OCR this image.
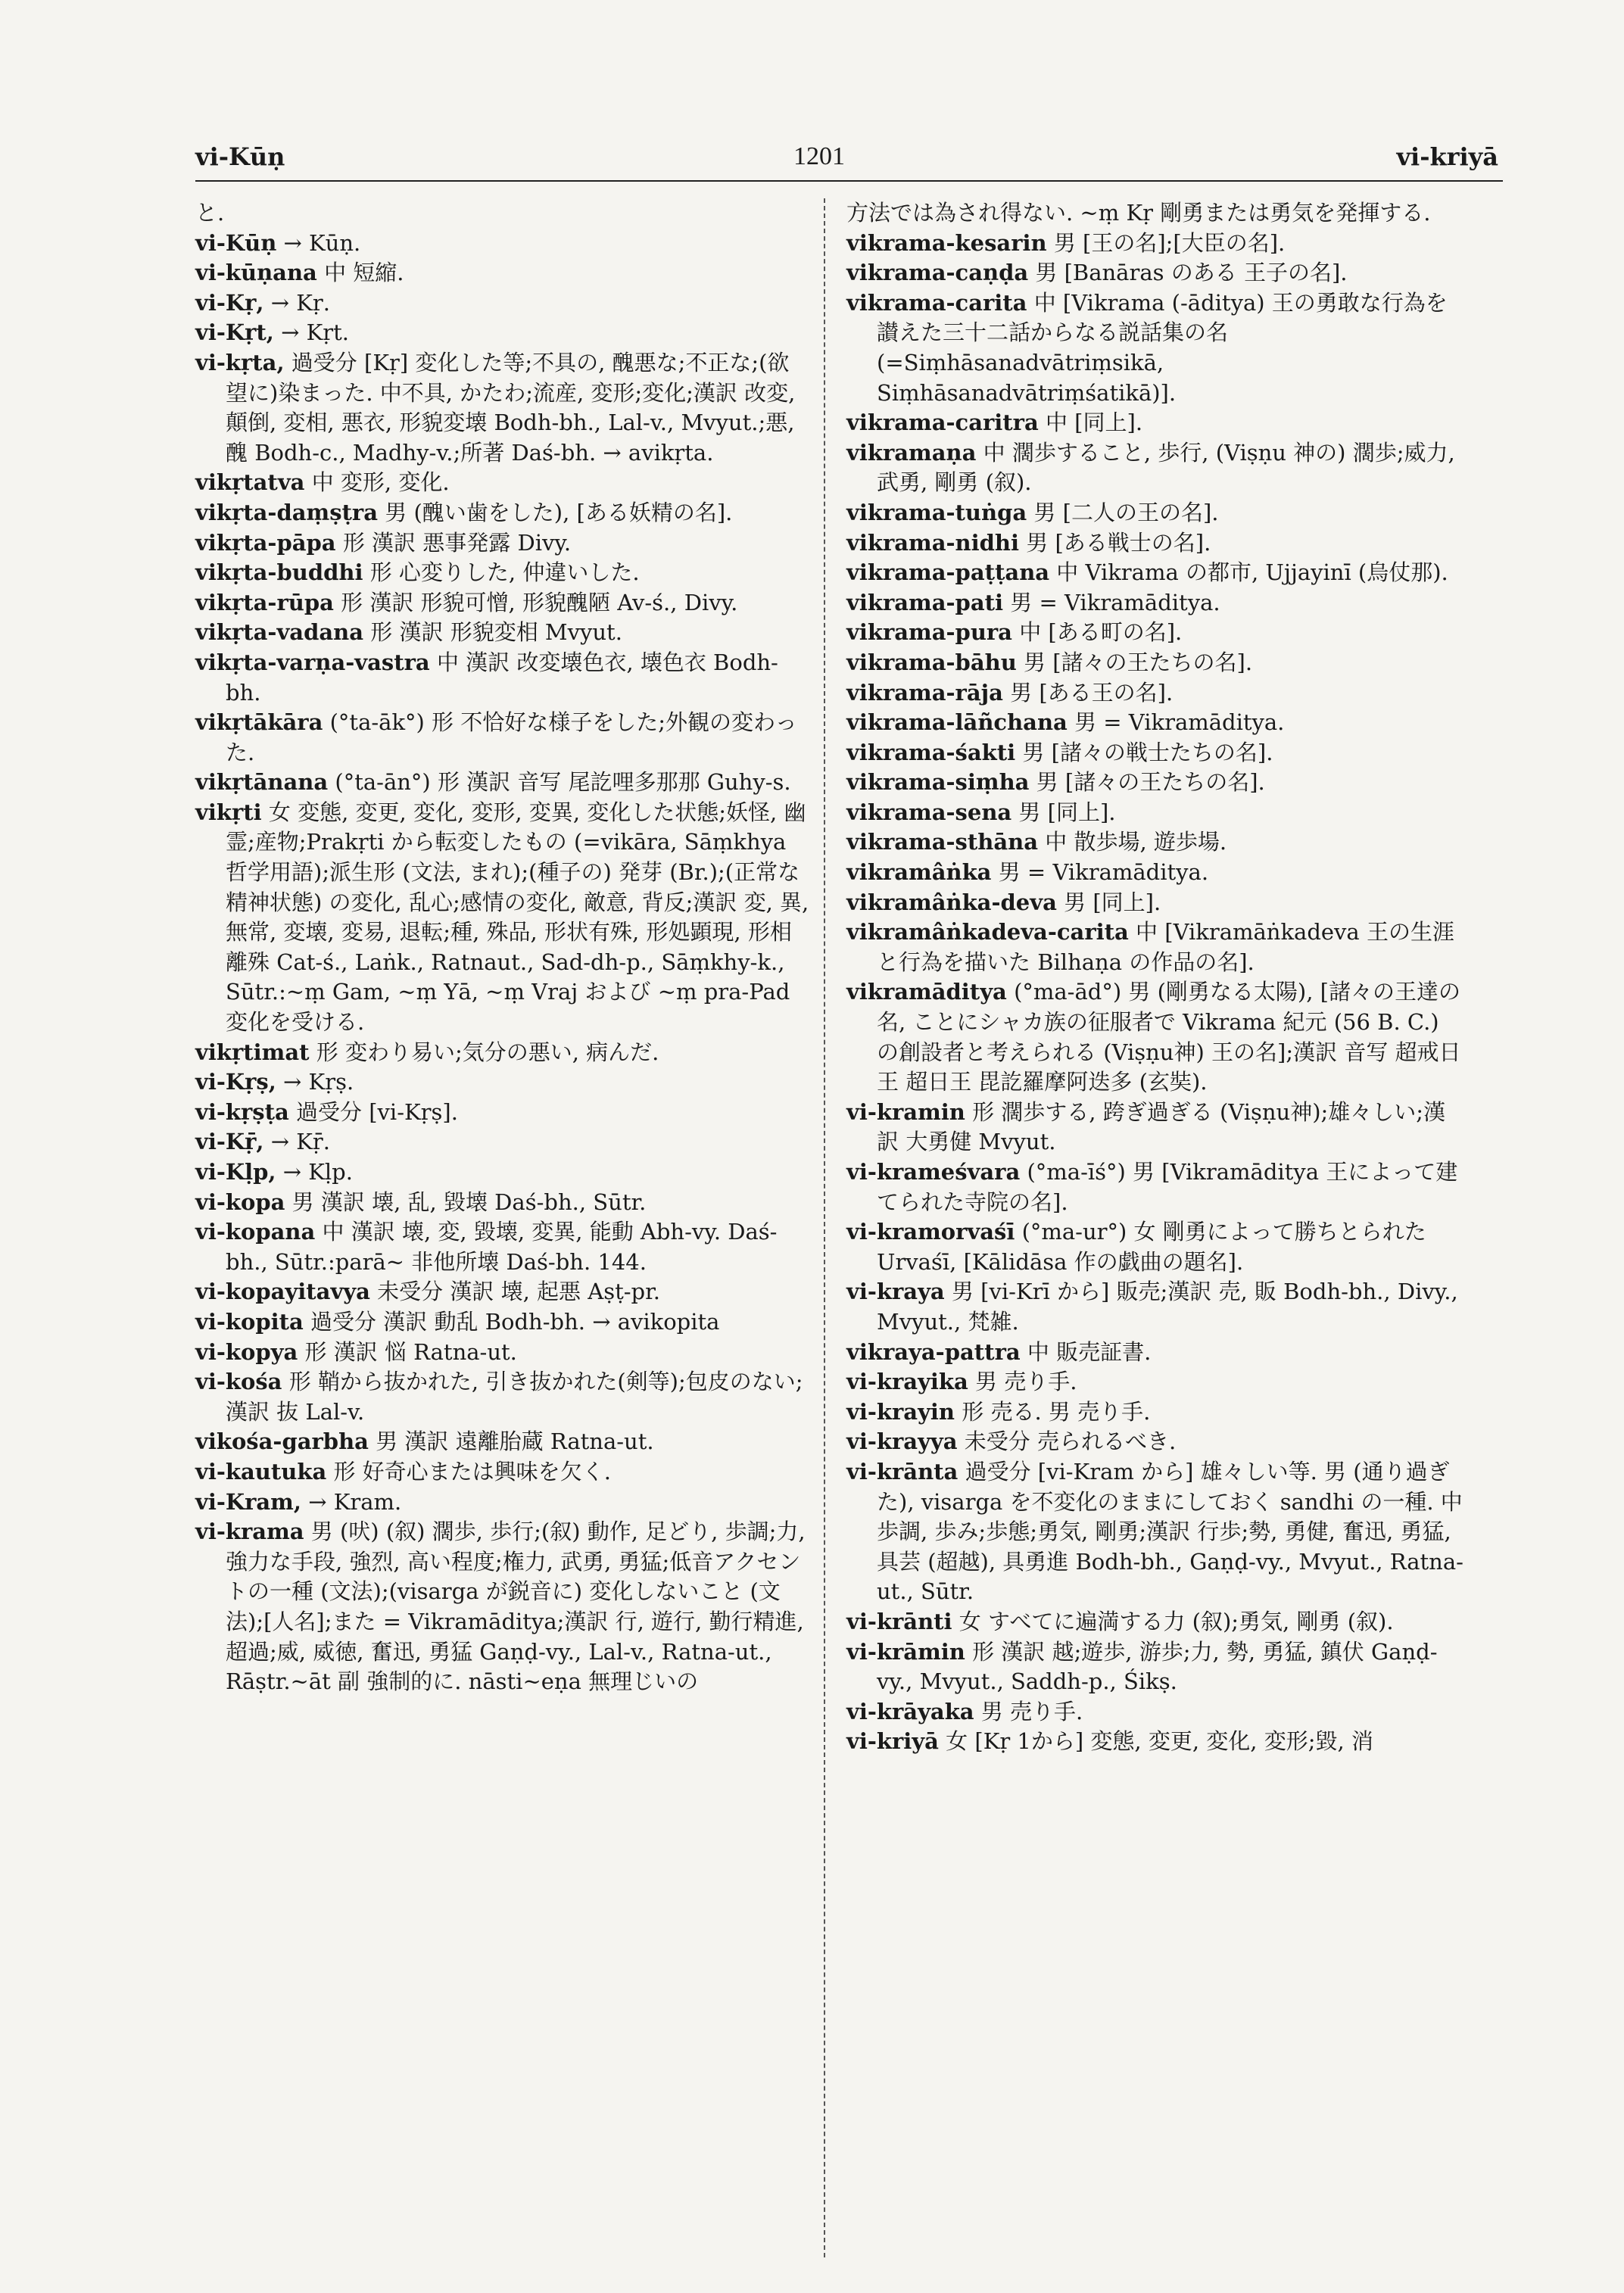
vi-Kūṇ	1201	vi-kriyā

と.

vi-Kūṇ → Kūṇ.

vi-kūṇana 中 短縮.

vi-Kṛ, → Kṛ.

vi-Kṛt, → Kṛt.

vi-kṛta, 過受分 [Kṛ] 変化した等;不具の, 醜悪な;不正な;(欲望に)染まった. 中不具, かたわ;流産, 変形;変化;漢訳 改変, 顛倒, 変相, 悪衣, 形貌変壊 Bodh-bh., Lal-v., Mvyut.;悪, 醜 Bodh-c., Madhy-v.;所著 Daś-bh. → avikṛta.

vikṛtatva 中 変形, 変化.

vikṛta-daṃṣṭra 男 (醜い歯をした), [ある妖精の名].

vikṛta-pāpa 形 漢訳 悪事発露 Divy.

vikṛta-buddhi 形 心変りした, 仲違いした.

vikṛta-rūpa 形 漢訳 形貌可憎, 形貌醜陋 Av-ś., Divy.

vikṛta-vadana 形 漢訳 形貌変相 Mvyut.

vikṛta-varṇa-vastra 中 漢訳 改変壊色衣, 壊色衣 Bodh-bh.

vikṛtākāra (°ta-āk°) 形 不恰好な様子をした;外観の変わった.

vikṛtānana (°ta-ān°) 形 漢訳 音写 尾訖哩多那那 Guhy-s.

vikṛti 女 変態, 変更, 変化, 変形, 変異, 変化した状態;妖怪, 幽霊;産物;Prakṛti から転変したもの (=vikāra, Sāṃkhya 哲学用語);派生形 (文法, まれ);(種子の) 発芽 (Br.);(正常な精神状態) の変化, 乱心;感情の変化, 敵意, 背反;漢訳 変, 異, 無常, 変壊, 変易, 退転;種, 殊品, 形状有殊, 形処顕現, 形相離殊 Cat-ś., Laṅk., Ratnaut., Sad-dh-p., Sāṃkhy-k., Sūtr.:~ṃ Gam, ~ṃ Yā, ~ṃ Vraj および ~ṃ pra-Pad 変化を受ける.

vikṛtimat 形 変わり易い;気分の悪い, 病んだ.

vi-Kṛṣ, → Kṛṣ.

vi-kṛṣṭa 過受分 [vi-Kṛṣ].

vi-Kṝ, → Kṝ.

vi-Kḷp, → Kḷp.

vi-kopa 男 漢訳 壊, 乱, 毀壊 Daś-bh., Sūtr.

vi-kopana 中 漢訳 壊, 変, 毀壊, 変異, 能動 Abh-vy. Daś-bh., Sūtr.:parā~ 非他所壊 Daś-bh. 144.

vi-kopayitavya 未受分 漢訳 壊, 起悪 Aṣṭ-pr.

vi-kopita 過受分 漢訳 動乱 Bodh-bh. → avikopita

vi-kopya 形 漢訳 悩 Ratna-ut.

vi-kośa 形 鞘から抜かれた, 引き抜かれた(剣等);包皮のない;漢訳 抜 Lal-v.

vikośa-garbha 男 漢訳 遠離胎蔵 Ratna-ut.

vi-kautuka 形 好奇心または興味を欠く.

vi-Kram, → Kram.

vi-krama 男 (吠) (叙) 濶歩, 歩行;(叙) 動作, 足どり, 歩調;力, 強力な手段, 強烈, 高い程度;権力, 武勇, 勇猛;低音アクセントの一種 (文法);(visarga が鋭音に) 変化しないこと (文法);[人名];また = Vikramāditya;漢訳 行, 遊行, 勤行精進, 超過;威, 威徳, 奮迅, 勇猛 Gaṇḍ-vy., Lal-v., Ratna-ut., Rāṣtr.~āt 副 強制的に. nāsti~eṇa 無理じいの

方法では為され得ない. ~ṃ Kṛ 剛勇または勇気を発揮する.

vikrama-kesarin 男 [王の名];[大臣の名].

vikrama-caṇḍa 男 [Banāras のある 王子の名].

vikrama-carita 中 [Vikrama (-āditya) 王の勇敢な行為を讃えた三十二話からなる説話集の名 (=Siṃhāsanadvātriṃsikā, Siṃhāsanadvātriṃśatikā)].

vikrama-caritra 中 [同上].

vikramaṇa 中 濶歩すること, 歩行, (Viṣṇu 神の) 濶歩;威力, 武勇, 剛勇 (叙).

vikrama-tuṅga 男 [二人の王の名].

vikrama-nidhi 男 [ある戦士の名].

vikrama-paṭṭana 中 Vikrama の都市, Ujjayinī (烏仗那).

vikrama-pati 男 = Vikramāditya.

vikrama-pura 中 [ある町の名].

vikrama-bāhu 男 [諸々の王たちの名].

vikrama-rāja 男 [ある王の名].

vikrama-lāñchana 男 = Vikramāditya.

vikrama-śakti 男 [諸々の戦士たちの名].

vikrama-siṃha 男 [諸々の王たちの名].

vikrama-sena 男 [同上].

vikrama-sthāna 中 散歩場, 遊歩場.

vikramâṅka 男 = Vikramāditya.

vikramâṅka-deva 男 [同上].

vikramâṅkadeva-carita 中 [Vikramāṅkadeva 王の生涯と行為を描いた Bilhaṇa の作品の名].

vikramāditya (°ma-ād°) 男 (剛勇なる太陽), [諸々の王達の名, ことにシャカ族の征服者で Vikrama 紀元 (56 B. C.) の創設者と考えられる (Viṣṇu神) 王の名];漢訳 音写 超戒日王 超日王 毘訖羅摩阿迭多 (玄奘).

vi-kramin 形 濶歩する, 跨ぎ過ぎる (Viṣṇu神);雄々しい;漢訳 大勇健 Mvyut.

vi-krameśvara (°ma-īś°) 男 [Vikramāditya 王によって建てられた寺院の名].

vi-kramorvaśī (°ma-ur°) 女 剛勇によって勝ちとられた Urvaśī, [Kālidāsa 作の戯曲の題名].

vi-kraya 男 [vi-Krī から] 販売;漢訳 売, 販 Bodh-bh., Divy., Mvyut., 梵雑.

vikraya-pattra 中 販売証書.

vi-krayika 男 売り手.

vi-krayin 形 売る. 男 売り手.

vi-krayya 未受分 売られるべき.

vi-krānta 過受分 [vi-Kram から] 雄々しい等. 男 (通り過ぎた), visarga を不変化のままにしておく sandhi の一種. 中 歩調, 歩み;歩態;勇気, 剛勇;漢訳 行歩;勢, 勇健, 奮迅, 勇猛, 具芸 (超越), 具勇進 Bodh-bh., Gaṇḍ-vy., Mvyut., Ratna-ut., Sūtr.

vi-krānti 女 すべてに遍満する力 (叙);勇気, 剛勇 (叙).

vi-krāmin 形 漢訳 越;遊歩, 游歩;力, 勢, 勇猛, 鎮伏 Gaṇḍ-vy., Mvyut., Saddh-p., Śikṣ.

vi-krāyaka 男 売り手.

vi-kriyā 女 [Kṛ 1から] 変態, 変更, 変化, 変形;毀, 消
